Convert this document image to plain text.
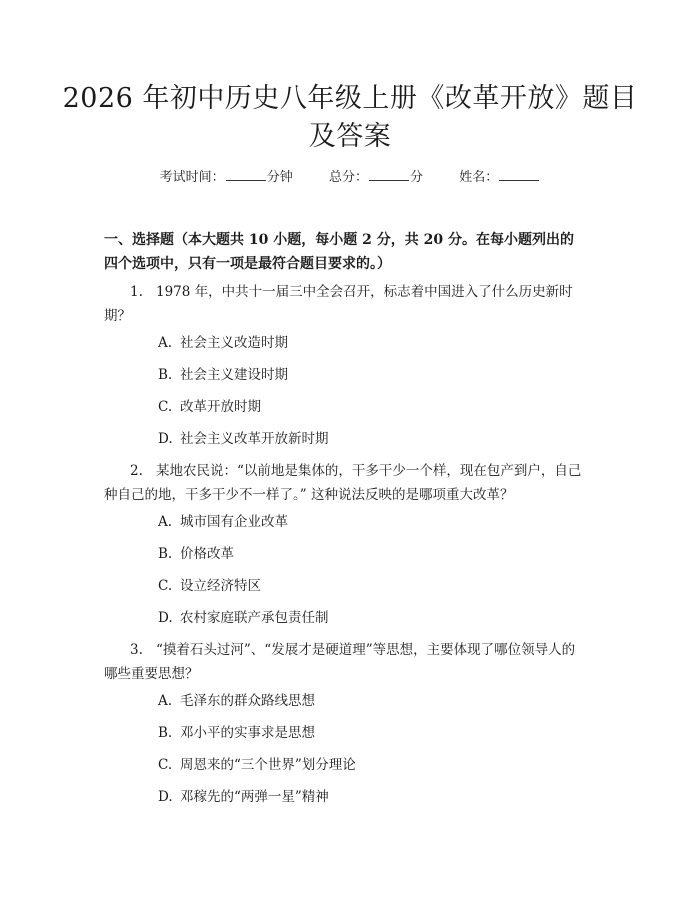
2026 年初中历史八年级上册《改革开放》题目及答案
考试时间：	分钟	总分：	分	姓名：
一、选择题（本大题共 10 小题，每小题 2 分，共 20 分。在每小题列出的四个选项中，只有一项是最符合题目要求的。）
1. 1978 年，中共十一届三中全会召开，标志着中国进入了什么历史新时期？
A. 社会主义改造时期
B. 社会主义建设时期
C. 改革开放时期
D. 社会主义改革开放新时期
2. 某地农民说：“以前地是集体的，干多干少一个样，现在包产到户，自己种自己的地，干多干少不一样了。” 这种说法反映的是哪项重大改革？
A. 城市国有企业改革
B. 价格改革
C. 设立经济特区
D. 农村家庭联产承包责任制
3. “摸着石头过河”、“发展才是硬道理”等思想，主要体现了哪位领导人的哪些重要思想？
A. 毛泽东的群众路线思想
B. 邓小平的实事求是思想
C. 周恩来的“三个世界”划分理论
D. 邓稼先的“两弹一星”精神
